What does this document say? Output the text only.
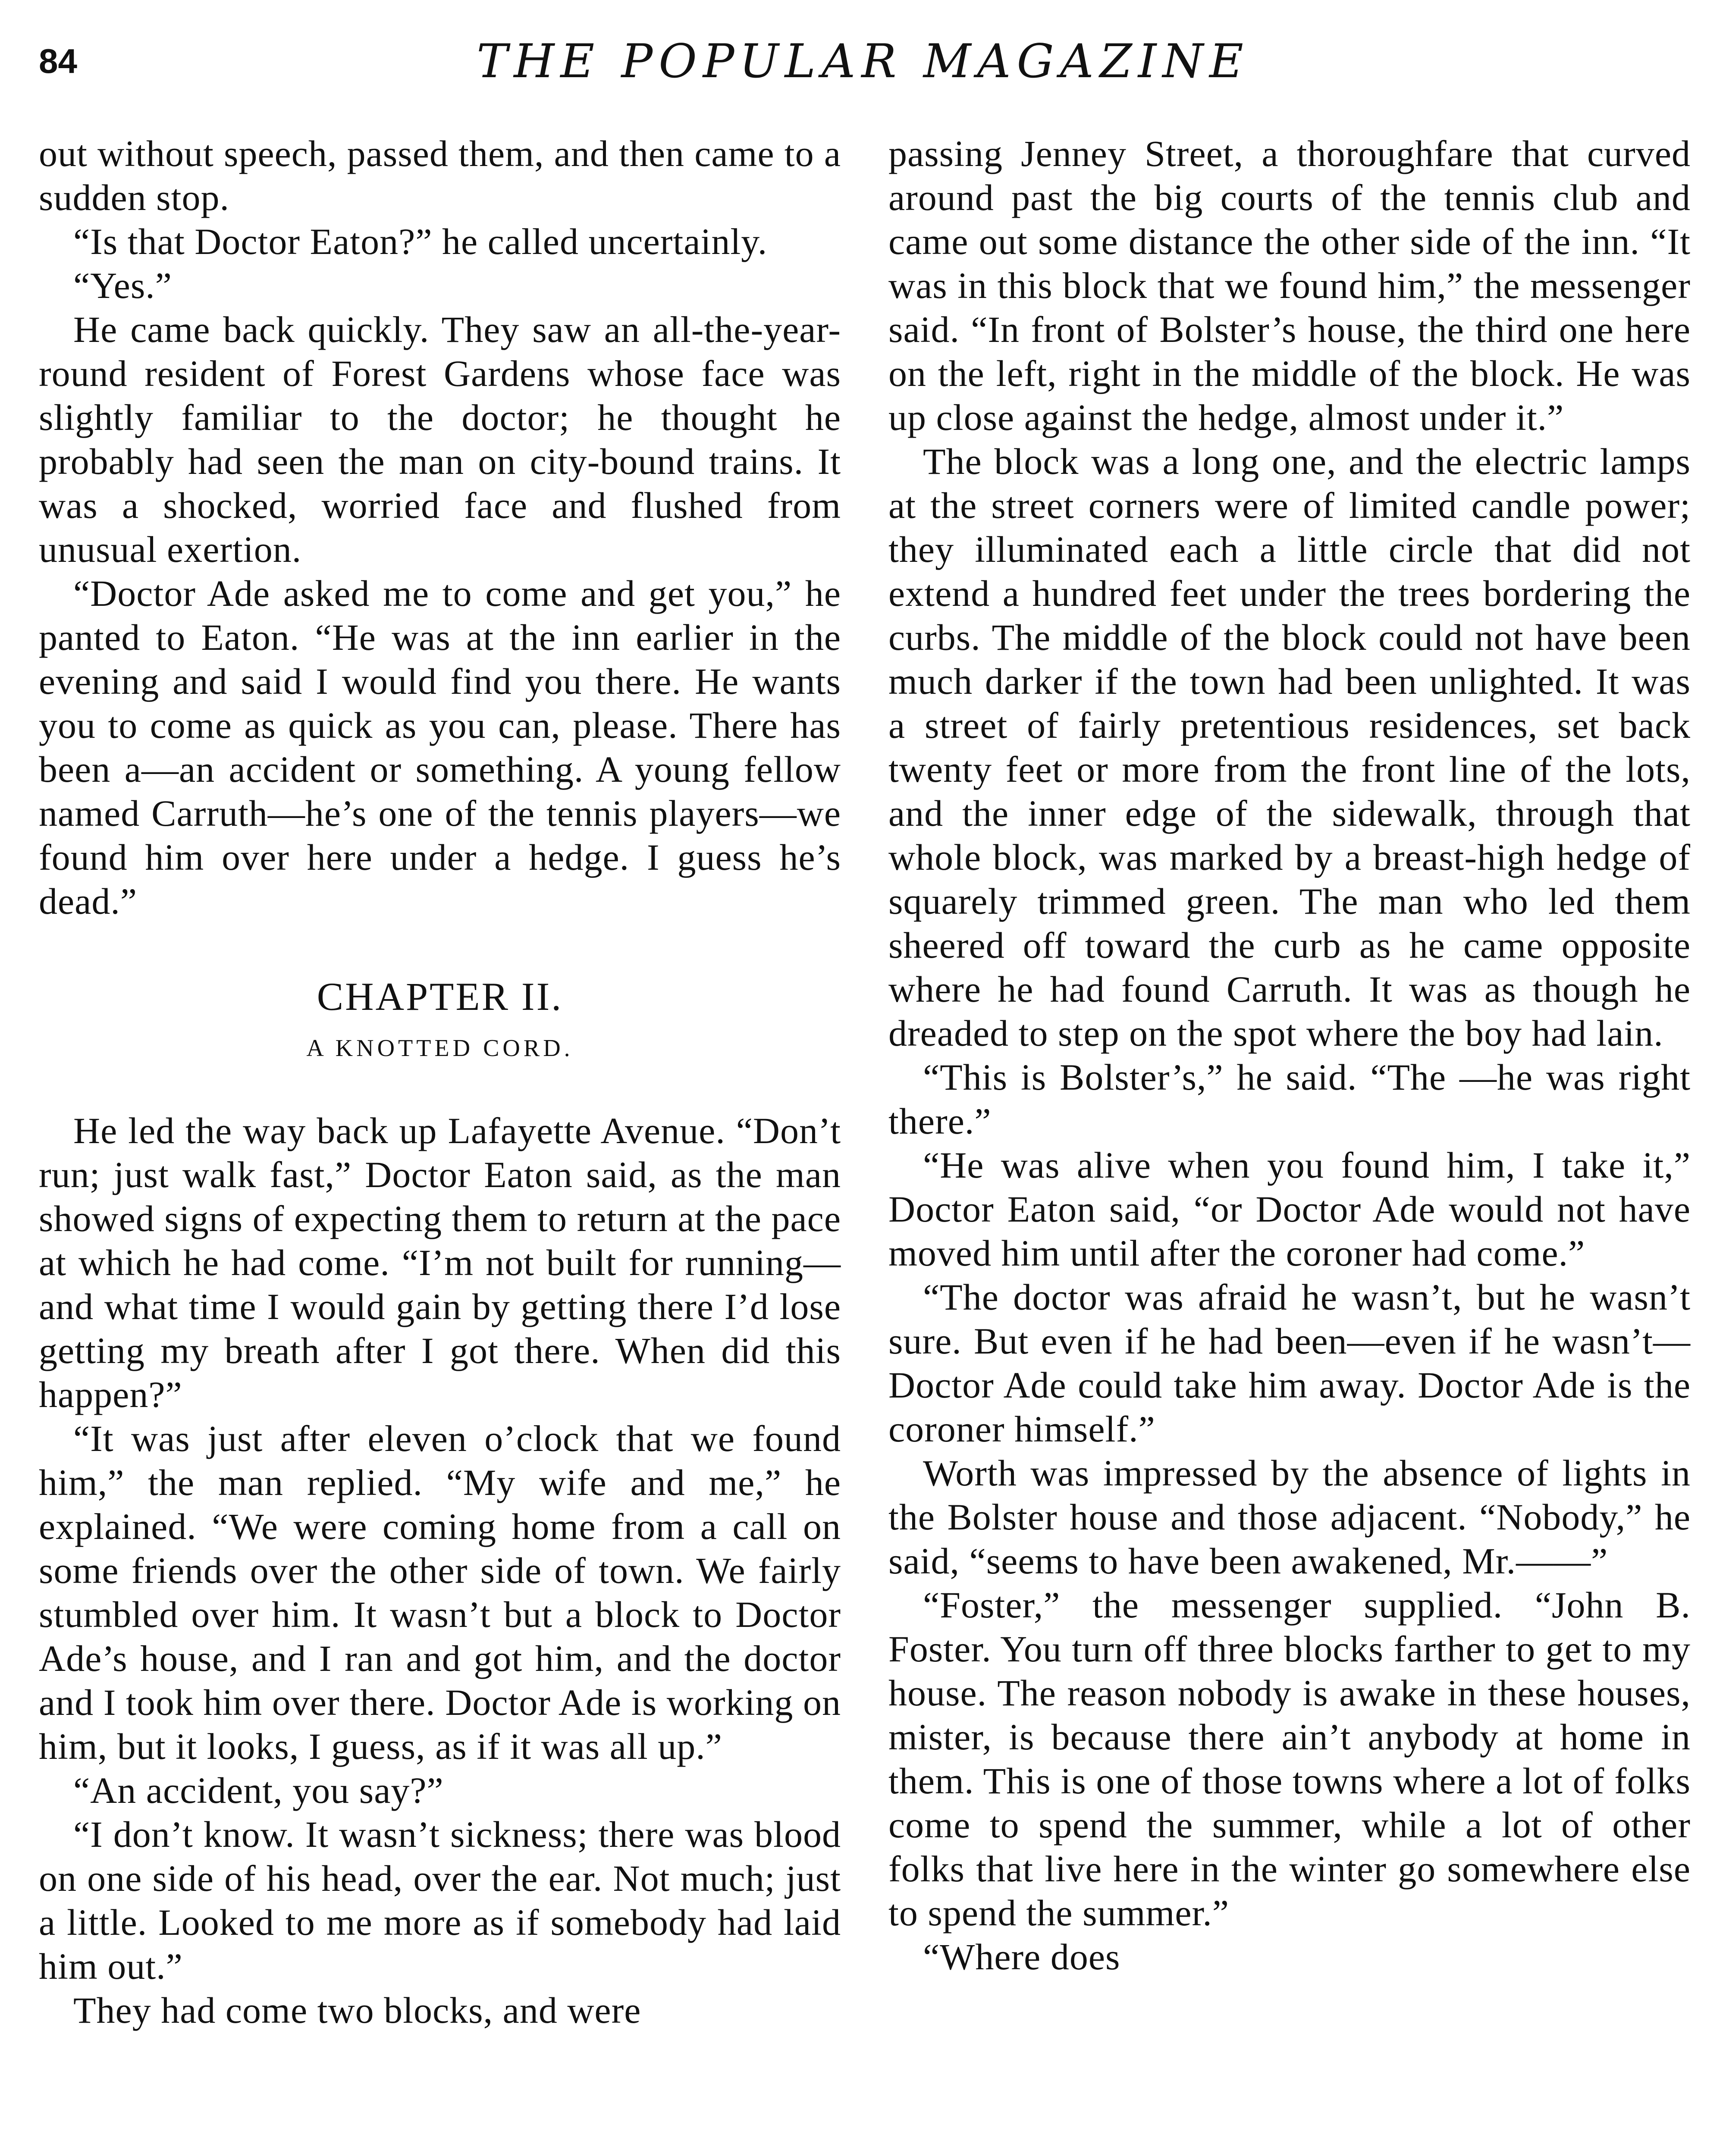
84	THE POPULAR MAGAZINE

out without speech, passed them, and then came to a sudden stop.

“Is that Doctor Eaton?” he called uncertainly.

“Yes.”

He came back quickly. They saw an all-the-year-round resident of Forest Gardens whose face was slightly familiar to the doctor; he thought he probably had seen the man on city-bound trains. It was a shocked, worried face and flushed from unusual exertion.

“Doctor Ade asked me to come and get you,” he panted to Eaton. “He was at the inn earlier in the evening and said I would find you there. He wants you to come as quick as you can, please. There has been a—an accident or something. A young fellow named Carruth—he’s one of the tennis players—we found him over here under a hedge. I guess he’s dead.”

CHAPTER II.
A KNOTTED CORD.

He led the way back up Lafayette Avenue. “Don’t run; just walk fast,” Doctor Eaton said, as the man showed signs of expecting them to return at the pace at which he had come. “I’m not built for running—and what time I would gain by getting there I’d lose getting my breath after I got there. When did this happen?”

“It was just after eleven o’clock that we found him,” the man replied. “My wife and me,” he explained. “We were coming home from a call on some friends over the other side of town. We fairly stumbled over him. It wasn’t but a block to Doctor Ade’s house, and I ran and got him, and the doctor and I took him over there. Doctor Ade is working on him, but it looks, I guess, as if it was all up.”

“An accident, you say?”

“I don’t know. It wasn’t sickness; there was blood on one side of his head, over the ear. Not much; just a little. Looked to me more as if somebody had laid him out.”

They had come two blocks, and were

passing Jenney Street, a thoroughfare that curved around past the big courts of the tennis club and came out some distance the other side of the inn. “It was in this block that we found him,” the messenger said. “In front of Bolster’s house, the third one here on the left, right in the middle of the block. He was up close against the hedge, almost under it.”

The block was a long one, and the electric lamps at the street corners were of limited candle power; they illuminated each a little circle that did not extend a hundred feet under the trees bordering the curbs. The middle of the block could not have been much darker if the town had been unlighted. It was a street of fairly pretentious residences, set back twenty feet or more from the front line of the lots, and the inner edge of the sidewalk, through that whole block, was marked by a breast-high hedge of squarely trimmed green. The man who led them sheered off toward the curb as he came opposite where he had found Carruth. It was as though he dreaded to step on the spot where the boy had lain.

“This is Bolster’s,” he said. “The —he was right there.”

“He was alive when you found him, I take it,” Doctor Eaton said, “or Doctor Ade would not have moved him until after the coroner had come.”

“The doctor was afraid he wasn’t, but he wasn’t sure. But even if he had been—even if he wasn’t—Doctor Ade could take him away. Doctor Ade is the coroner himself.”

Worth was impressed by the absence of lights in the Bolster house and those adjacent. “Nobody,” he said, “seems to have been awakened, Mr.——”

“Foster,” the messenger supplied. “John B. Foster. You turn off three blocks farther to get to my house. The reason nobody is awake in these houses, mister, is because there ain’t anybody at home in them. This is one of those towns where a lot of folks come to spend the summer, while a lot of other folks that live here in the winter go somewhere else to spend the summer.”

“Where does
